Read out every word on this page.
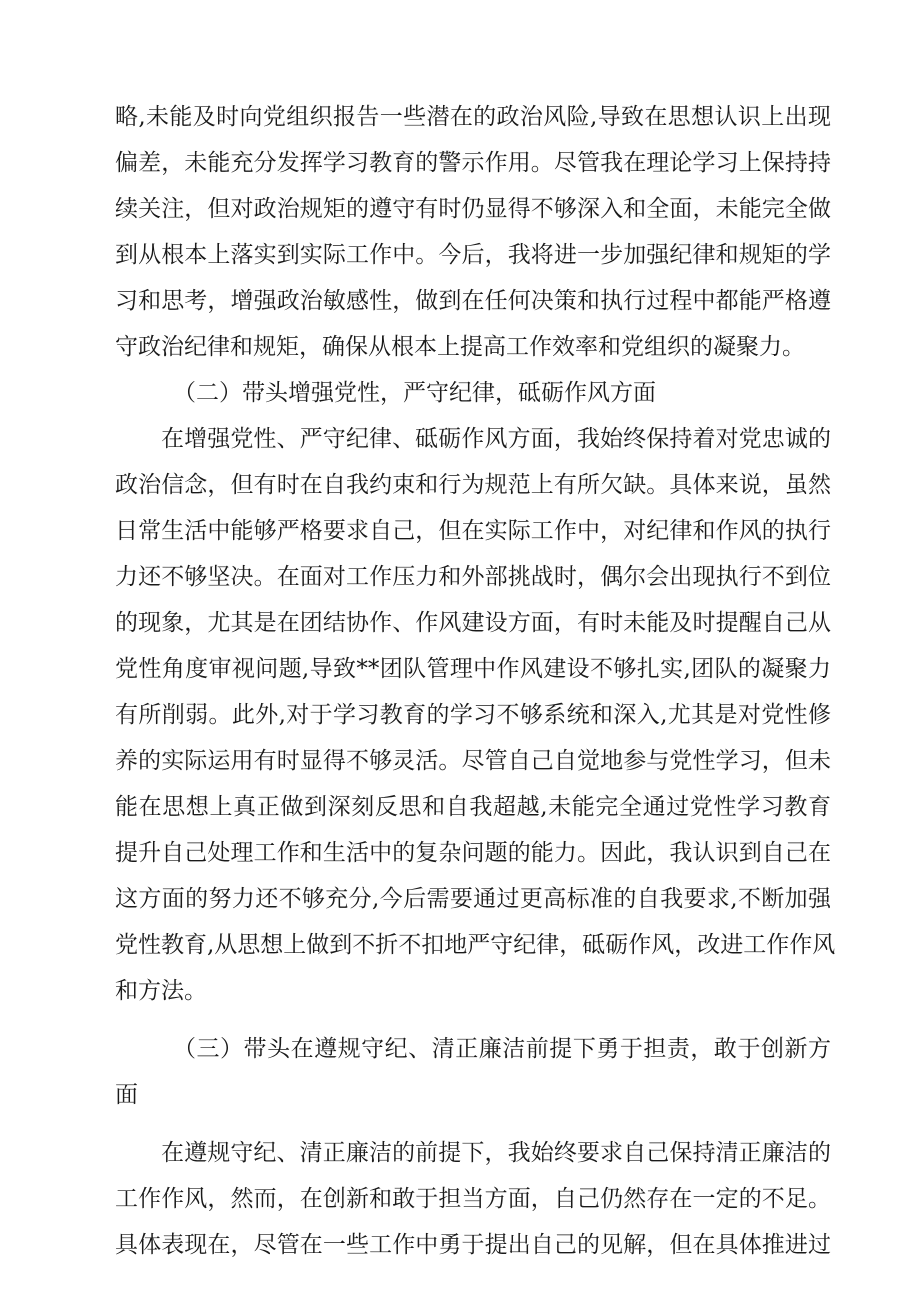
略,未能及时向党组织报告一些潜在的政治风险,导致在思想认识上出现
偏差，未能充分发挥学习教育的警示作用。尽管我在理论学习上保持持
续关注，但对政治规矩的遵守有时仍显得不够深入和全面，未能完全做
到从根本上落实到实际工作中。今后，我将进一步加强纪律和规矩的学
习和思考，增强政治敏感性，做到在任何决策和执行过程中都能严格遵
守政治纪律和规矩，确保从根本上提高工作效率和党组织的凝聚力。
（二）带头增强党性，严守纪律，砥砺作风方面
在增强党性、严守纪律、砥砺作风方面，我始终保持着对党忠诚的
政治信念，但有时在自我约束和行为规范上有所欠缺。具体来说，虽然
日常生活中能够严格要求自己，但在实际工作中，对纪律和作风的执行
力还不够坚决。在面对工作压力和外部挑战时，偶尔会出现执行不到位
的现象，尤其是在团结协作、作风建设方面，有时未能及时提醒自己从
党性角度审视问题,导致**团队管理中作风建设不够扎实,团队的凝聚力
有所削弱。此外,对于学习教育的学习不够系统和深入,尤其是对党性修
养的实际运用有时显得不够灵活。尽管自己自觉地参与党性学习，但未
能在思想上真正做到深刻反思和自我超越,未能完全通过党性学习教育
提升自己处理工作和生活中的复杂问题的能力。因此，我认识到自己在
这方面的努力还不够充分,今后需要通过更高标准的自我要求,不断加强
党性教育,从思想上做到不折不扣地严守纪律，砥砺作风，改进工作作风
和方法。
（三）带头在遵规守纪、清正廉洁前提下勇于担责，敢于创新方
面
在遵规守纪、清正廉洁的前提下，我始终要求自己保持清正廉洁的
工作作风，然而，在创新和敢于担当方面，自己仍然存在一定的不足。
具体表现在，尽管在一些工作中勇于提出自己的见解，但在具体推进过
